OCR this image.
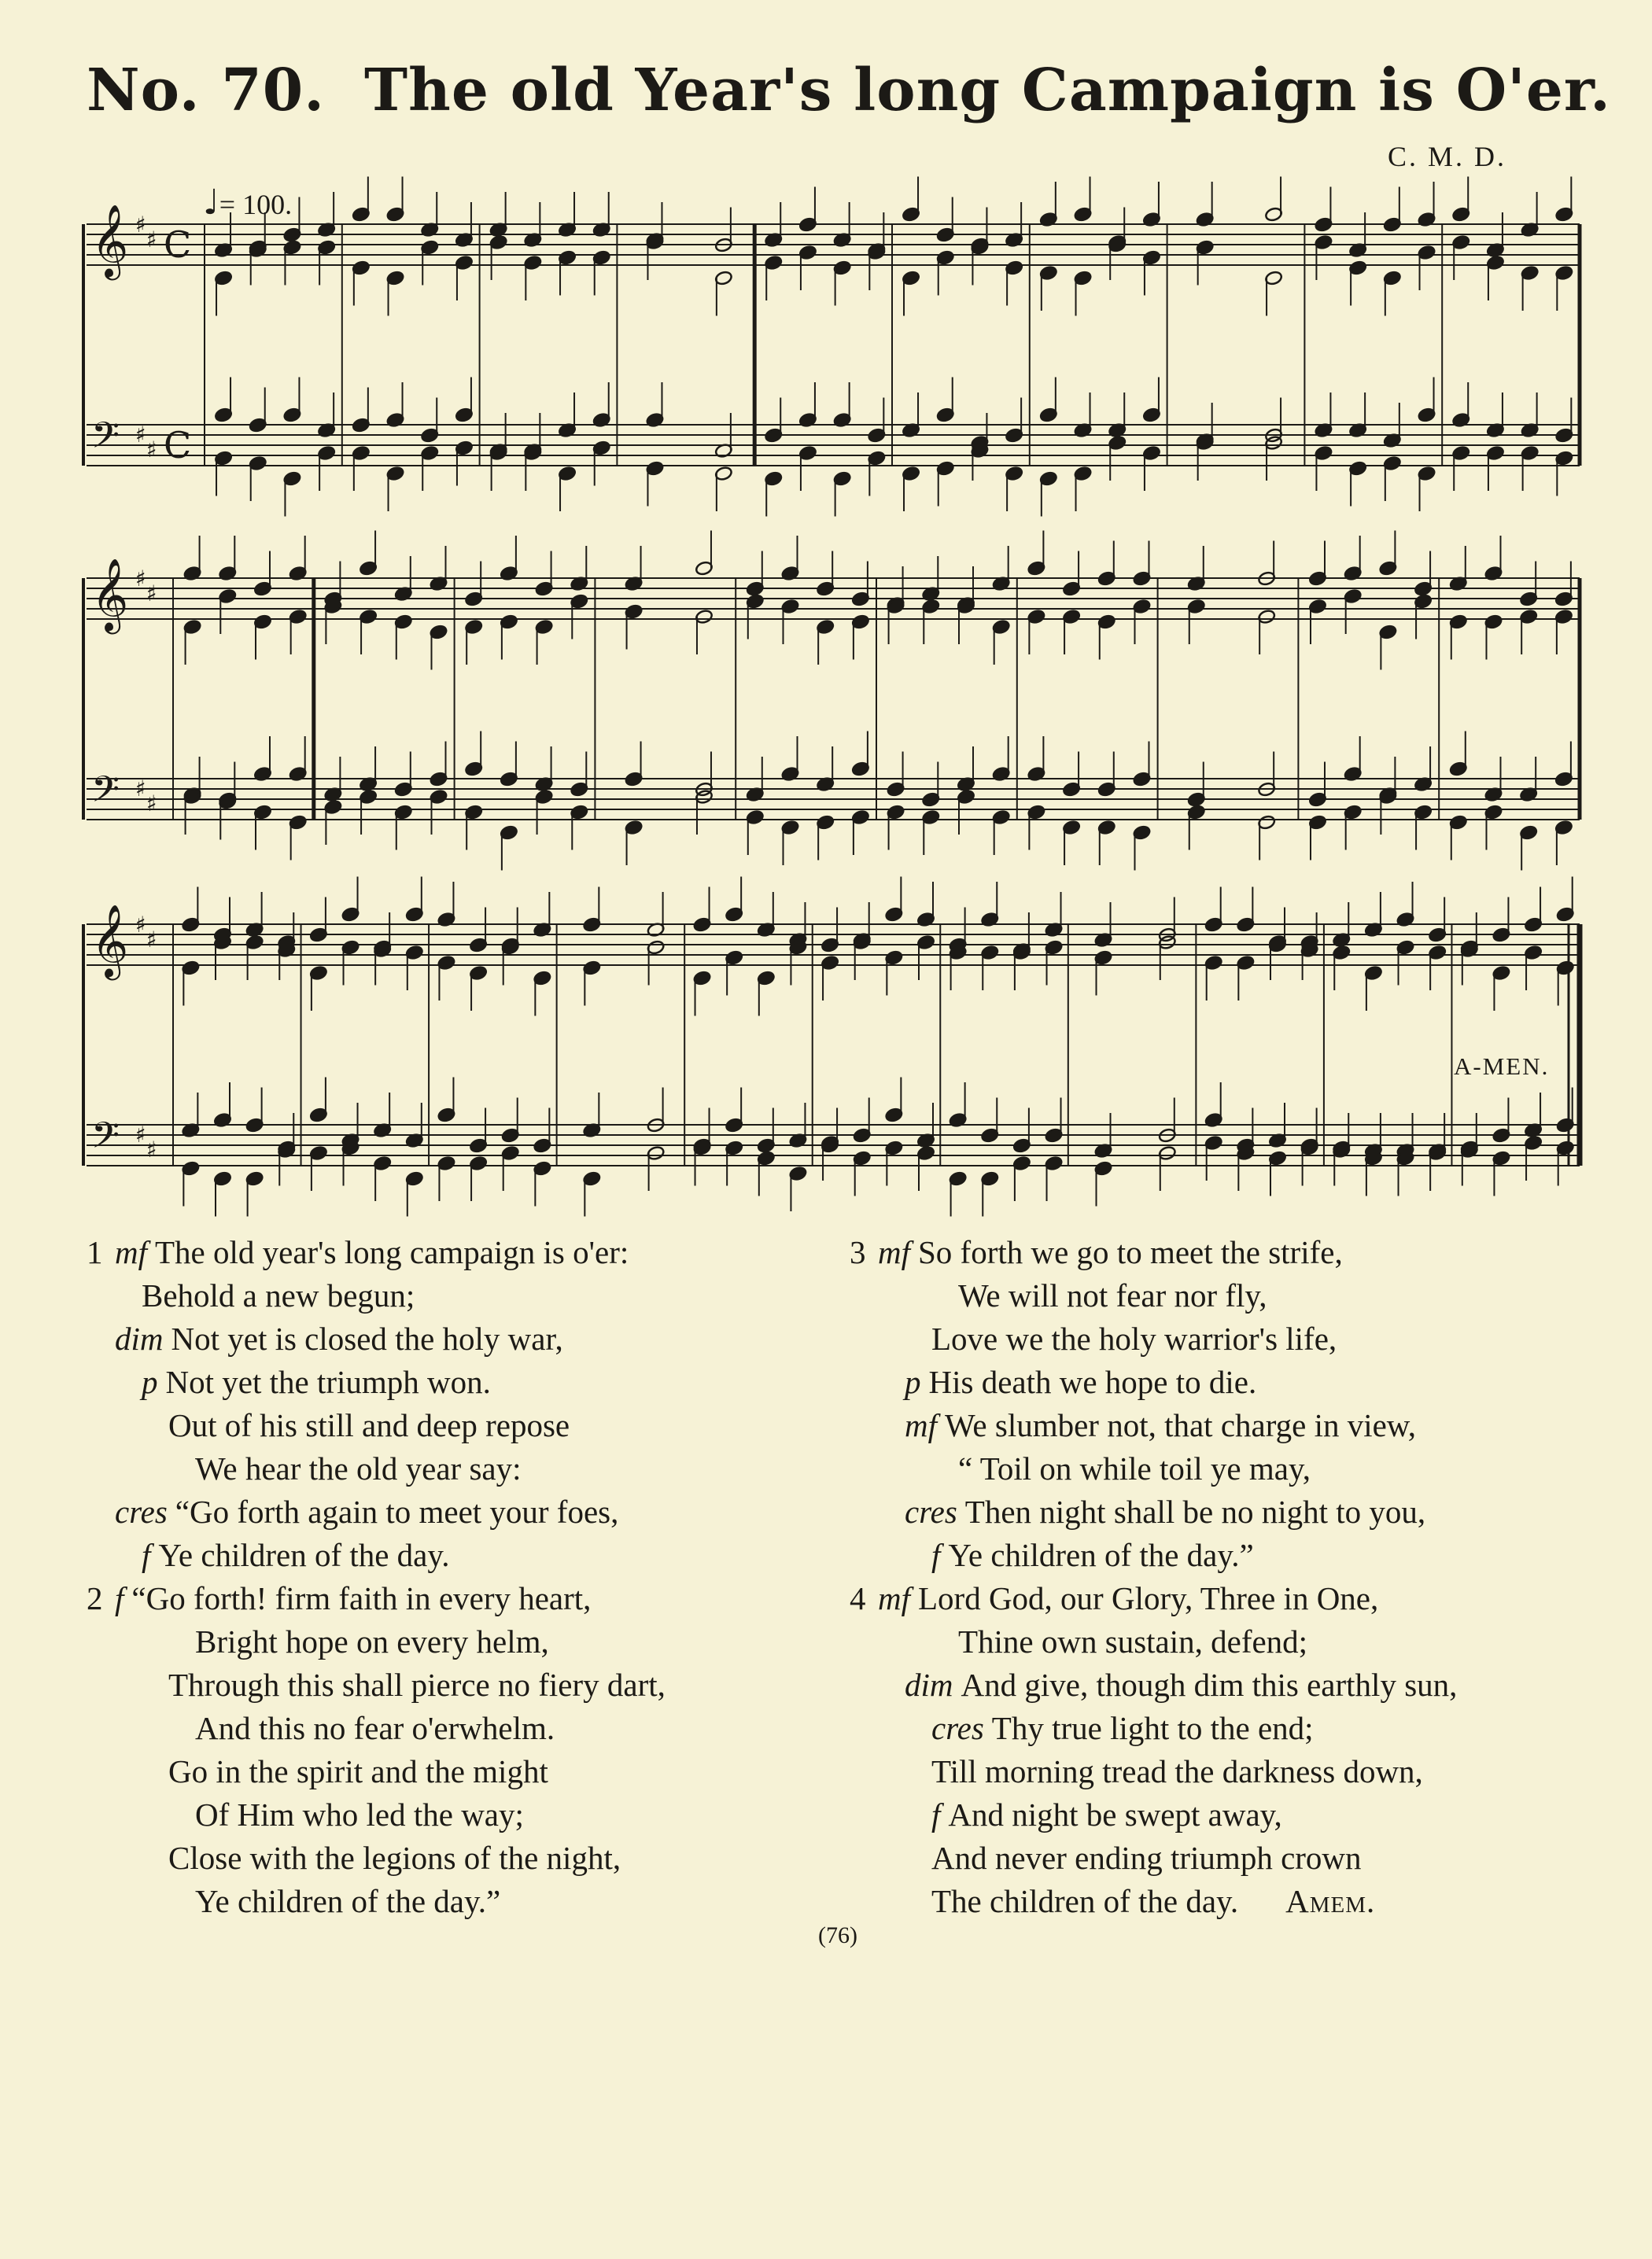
No. 70. The old Year's long Campaign is O'er.
C. M. D.
♩= 100.
𝄞 ♯
♯ C
𝄢 ♯
♯ C
𝄞 ♯
♯
𝄢 ♯
♯
𝄞 ♯
♯
𝄢 ♯
♯
A-MEN.
1 mf The old year's long campaign is o'er:
Behold a new begun;
dim Not yet is closed the holy war,
p Not yet the triumph won.
Out of his still and deep repose
We hear the old year say:
cres “Go forth again to meet your foes,
f Ye children of the day.
2 f “Go forth! firm faith in every heart,
Bright hope on every helm,
Through this shall pierce no fiery dart,
And this no fear o'erwhelm.
Go in the spirit and the might
Of Him who led the way;
Close with the legions of the night,
Ye children of the day.”
3 mf So forth we go to meet the strife,
We will not fear nor fly,
Love we the holy warrior's life,
p His death we hope to die.
mf We slumber not, that charge in view,
“ Toil on while toil ye may,
cres Then night shall be no night to you,
f Ye children of the day.”
4 mf Lord God, our Glory, Three in One,
Thine own sustain, defend;
dim And give, though dim this earthly sun,
cres Thy true light to the end;
Till morning tread the darkness down,
f And night be swept away,
And never ending triumph crown
The children of the day. Amem.
(76)
